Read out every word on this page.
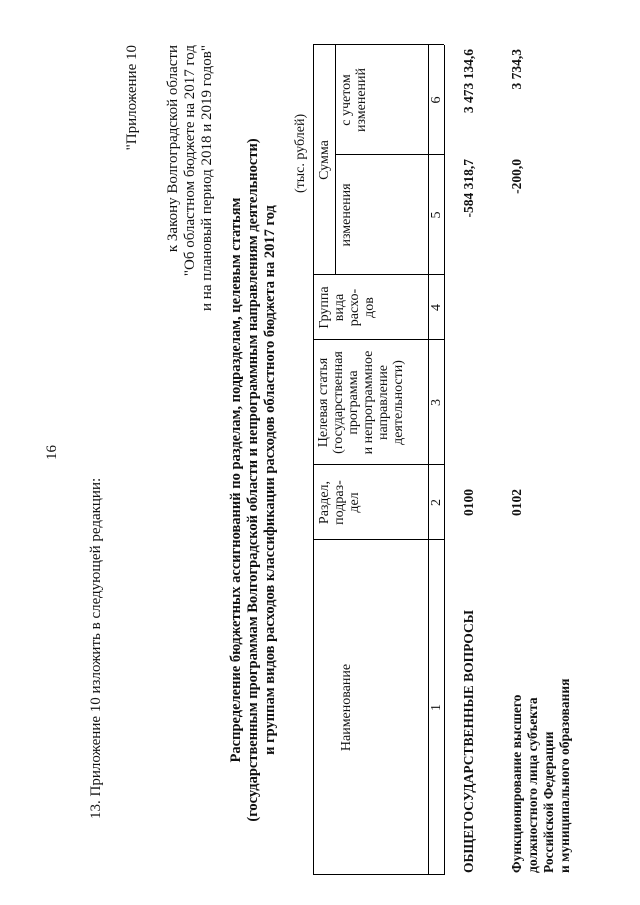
16
13. Приложение 10 изложить в следующей редакции:
"Приложение 10 к Закону Волгоградской области "Об областном бюджете на 2017 год и на плановый период 2018 и 2019 годов"
Распределение бюджетных ассигнований по разделам, подразделам, целевым статьям (государственным программам Волгоградской области и непрограммным направлениям деятельности) и группам видов расходов классификации расходов областного бюджета на 2017 год
(тыс. рублей)
Наименование
Раздел, подраз- дел
Целевая статья (государственная программа и непрограммное направление деятельности)
Группа вида расхо- дов
Сумма
изменения
с учетом изменений
1
2
3
4
5
6
ОБЩЕГОСУДАРСТВЕННЫЕ ВОПРОСЫ
0100
-584 318,7
3 473 134,6
Функционирование высшего должностного лица субъекта Российской Федерации и муниципального образования
0102
-200,0
3 734,3
